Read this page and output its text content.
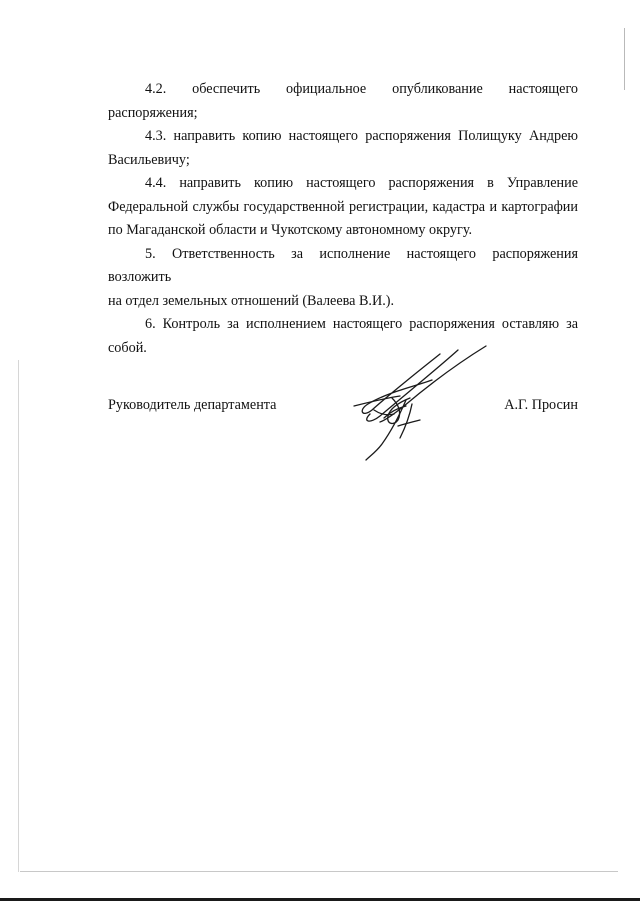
4.2. обеспечить официальное опубликование настоящего
распоряжения;

4.3. направить копию настоящего распоряжения Полищуку Андрею
Васильевичу;

4.4. направить копию настоящего распоряжения в Управление
Федеральной службы государственной регистрации, кадастра и картографии
по Магаданской области и Чукотскому автономному округу.

5. Ответственность за исполнение настоящего распоряжения возложить
на отдел земельных отношений (Валеева В.И.).

6. Контроль за исполнением настоящего распоряжения оставляю за
собой.

Руководитель департамента	А.Г. Просин
